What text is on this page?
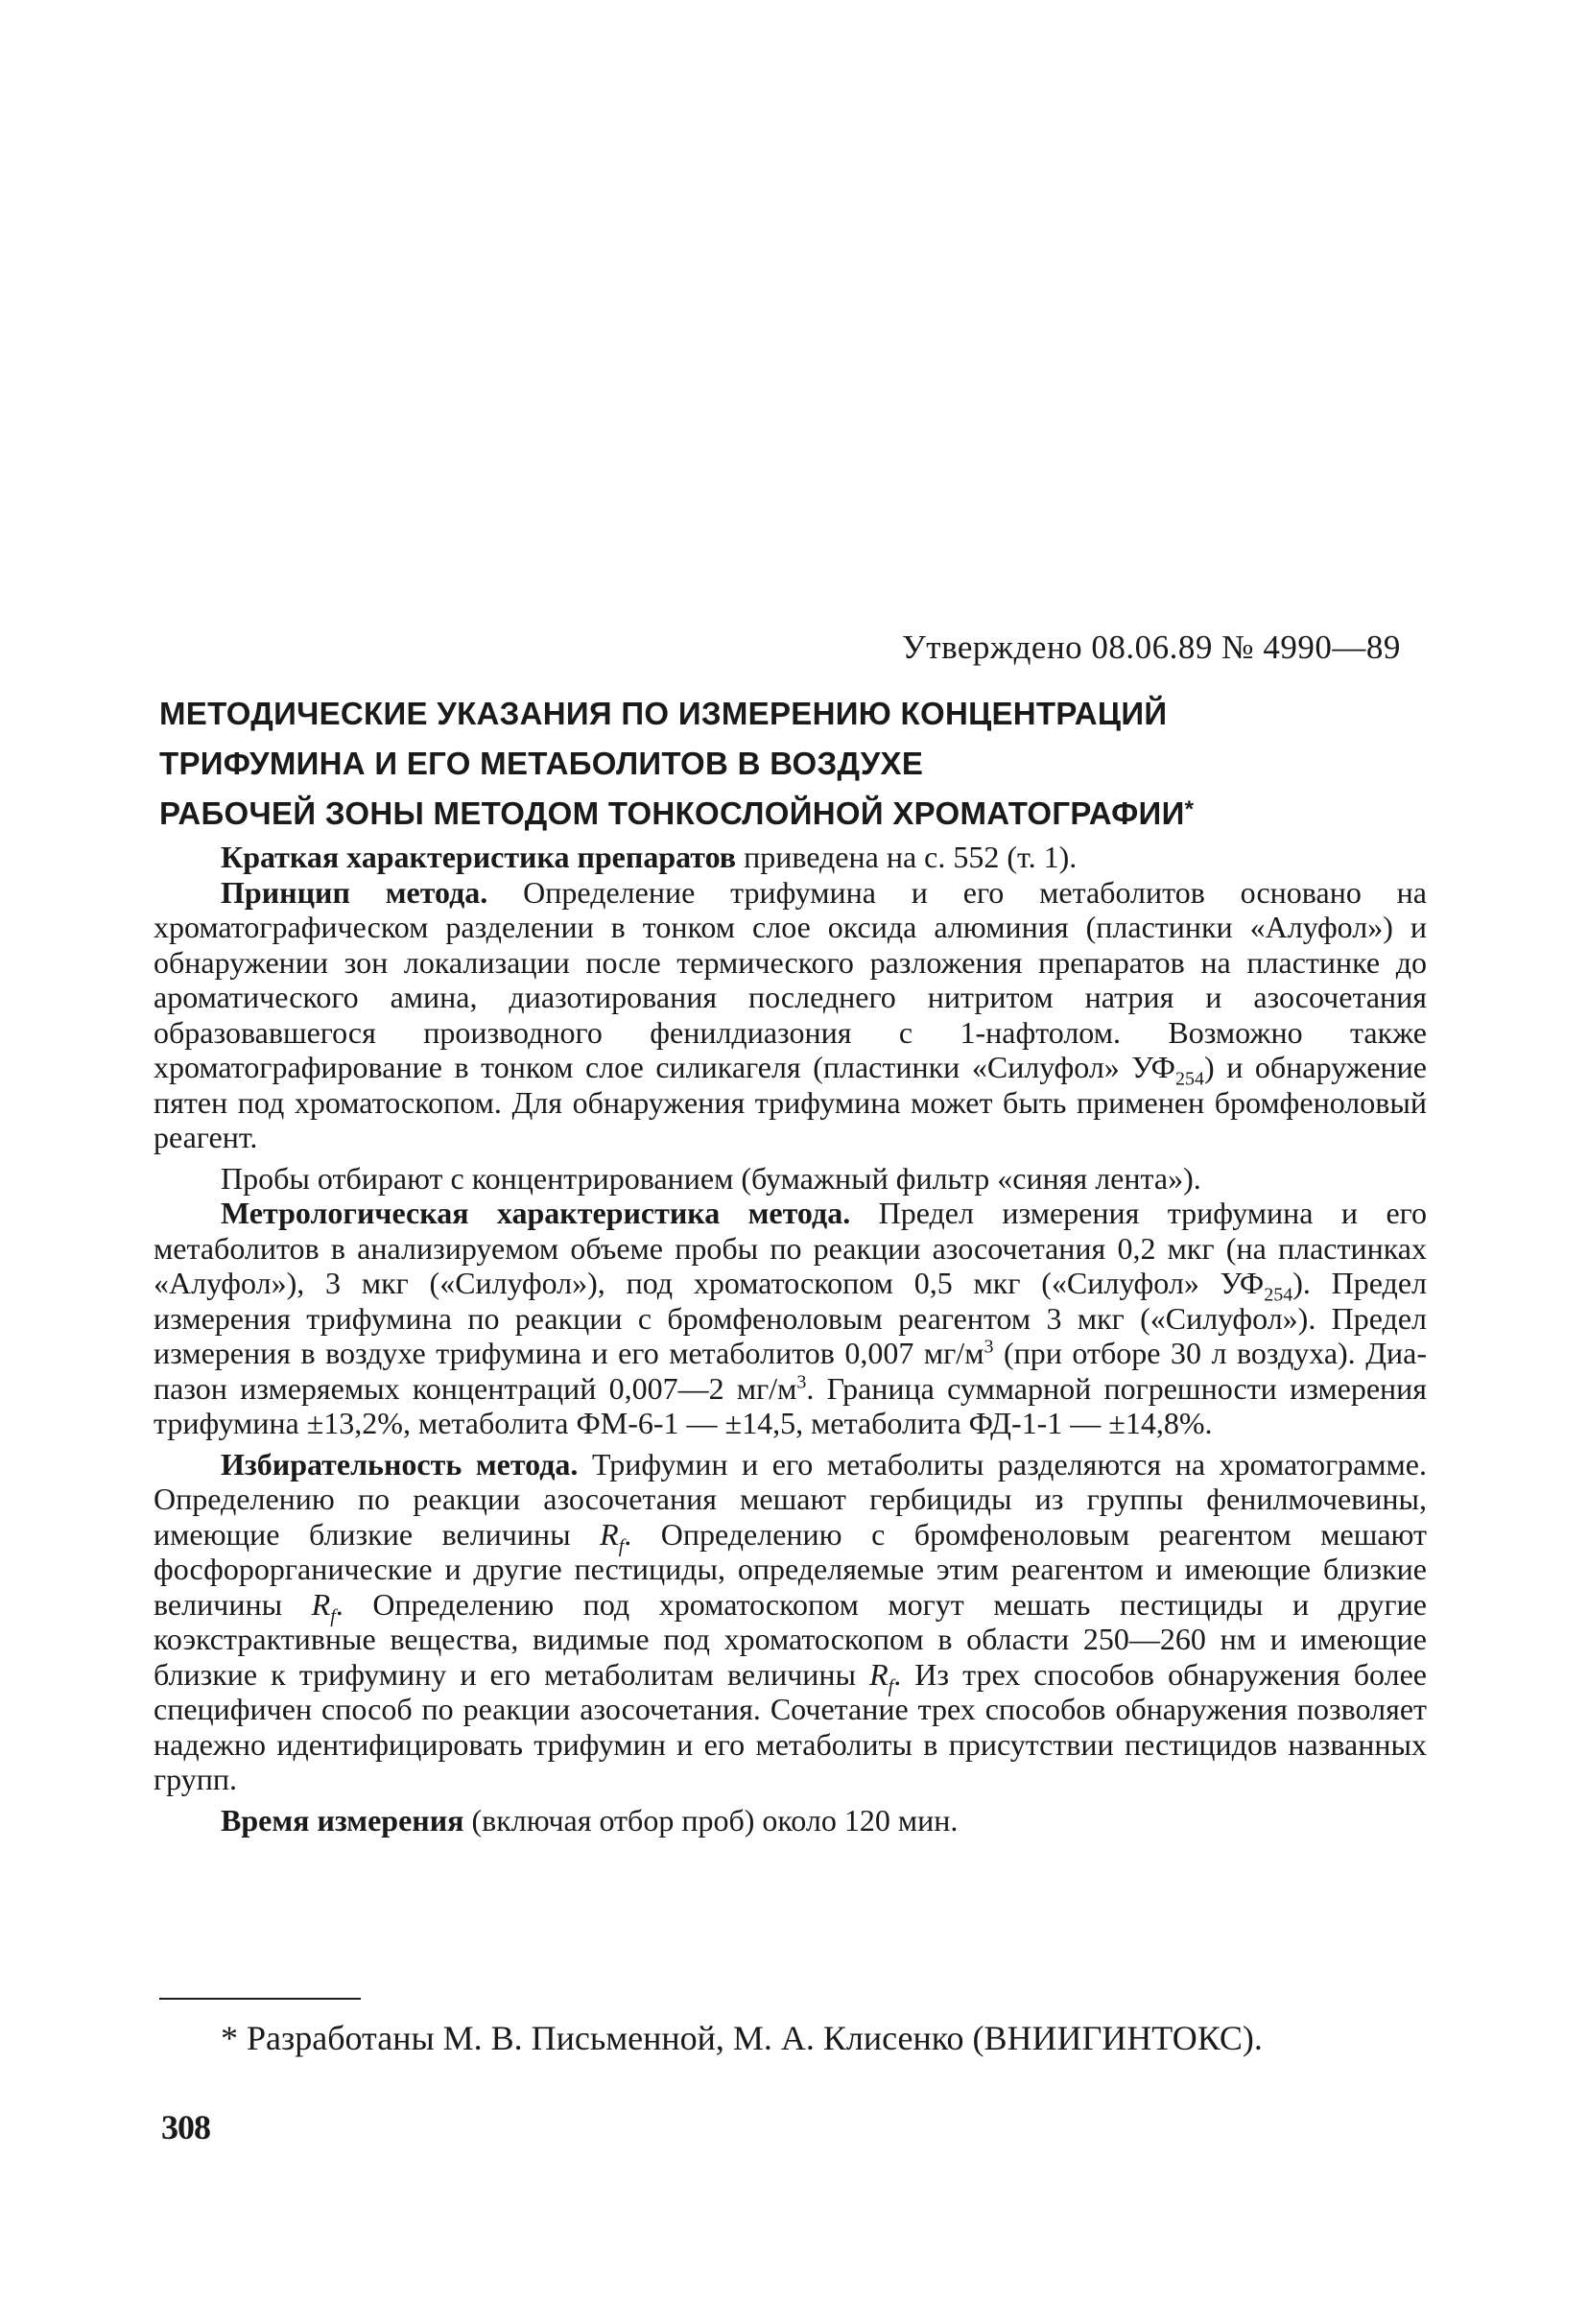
Утверждено 08.06.89 № 4990—89
МЕТОДИЧЕСКИЕ УКАЗАНИЯ ПО ИЗМЕРЕНИЮ КОНЦЕНТРАЦИЙ
ТРИФУМИНА И ЕГО МЕТАБОЛИТОВ В ВОЗДУХЕ
РАБОЧЕЙ ЗОНЫ МЕТОДОМ ТОНКОСЛОЙНОЙ ХРОМАТОГРАФИИ*

Краткая характеристика препаратов приведена на с. 552 (т. 1).

Принцип метода. Определение трифумина и его метаболитов основано на хроматографическом разделении в тонком слое оксида алюминия (пластинки «Алуфол») и обнаружении зон локализации после термического разложения препаратов на пластинке до ароматического амина, диазотирования последнего нитритом натрия и азосочетания образовавшегося производного фенилдиазония с 1-нафтолом. Возможно также хроматографирование в тонком слое силикагеля (пластинки «Силуфол» $УФ_{254}$) и обнаружение пятен под хроматоскопом. Для обнаружения трифумина может быть применен бромфеноловый реагент.

Пробы отбирают с концентрированием (бумажный фильтр «синяя лента»).

Метрологическая характеристика метода. Предел измерения трифумина и его метаболитов в анализируемом объеме пробы по реакции азосочетания 0,2 мкг (на пластинках «Алуфол»), 3 мкг («Силуфол»), под хроматоскопом 0,5 мкг («Силуфол» $УФ_{254}$). Предел измерения трифумина по реакции с бромфеноловым реагентом 3 мкг («Силуфол»). Предел измерения в воздухе трифумина и его метаболитов 0,007 $мг/м^3$ (при отборе 30 л воздуха). Диапазон измеряемых концентраций 0,007—2 $мг/м^3$. Граница суммарной погрешности измерения трифумина ±13,2%, метаболита ФМ-6-1 — ±14,5, метаболита ФД-1-1 — ±14,8%.

Избирательность метода. Трифумин и его метаболиты разделяются на хроматограмме. Определению по реакции азосочетания мешают гербициды из группы фенилмочевины, имеющие близкие величины $R_f$. Определению с бромфеноловым реагентом мешают фосфорорганические и другие пестициды, определяемые этим реагентом и имеющие близкие величины $R_f$. Определению под хроматоскопом могут мешать пестициды и другие коэкстрактивные вещества, видимые под хроматоскопом в области 250—260 нм и имеющие близкие к трифумину и его метаболитам величины $R_f$. Из трех способов обнаружения более специфичен способ по реакции азосочетания. Сочетание трех способов обнаружения позволяет надежно идентифицировать трифумин и его метаболиты в присутствии пестицидов названных групп.

Время измерения (включая отбор проб) около 120 мин.

* Разработаны М. В. Письменной, М. А. Клисенко (ВНИИГИНТОКС).
308
